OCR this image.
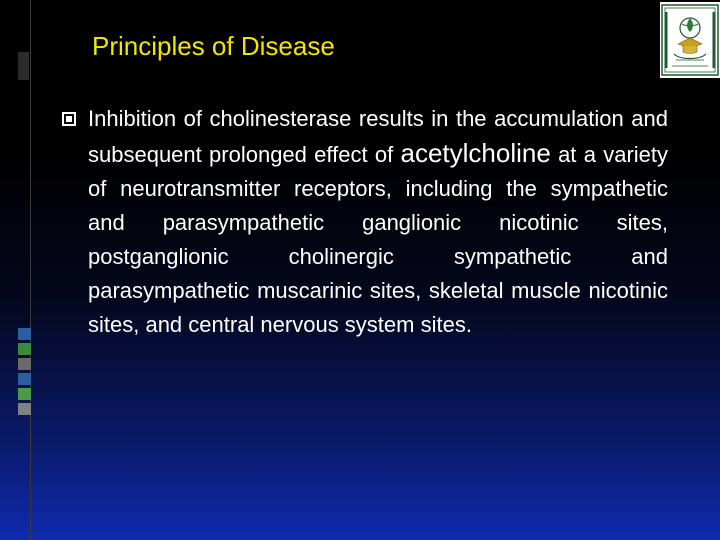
Principles of Disease
Inhibition of cholinesterase results in the accumulation and subsequent prolonged effect of acetylcholine at a variety of neurotransmitter receptors, including the sympathetic and parasympathetic ganglionic nicotinic sites, postganglionic cholinergic sympathetic and parasympathetic muscarinic sites, skeletal muscle nicotinic sites, and central nervous system sites.
